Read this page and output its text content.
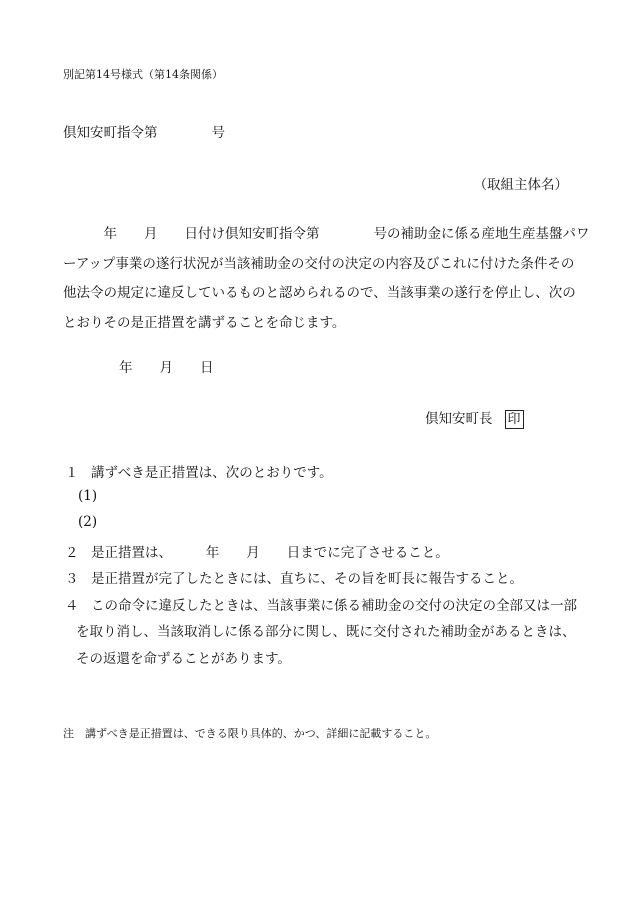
別記第14号様式（第14条関係）
倶知安町指令第　　　　号
（取組主体名）

　　　年　　月　　日付け倶知安町指令第　　　　号の補助金に係る産地生産基盤パワ

ーアップ事業の遂行状況が当該補助金の交付の決定の内容及びこれに付けた条件その

他法令の規定に違反しているものと認められるので、当該事業の遂行を停止し、次の

とおりその是正措置を講ずることを命じます。

年　　月　　日
倶知安町長 印
１ 講ずべき是正措置は、次のとおりです。
(1)
(2)
２ 是正措置は、　　　年　　月　　日までに完了させること。
３ 是正措置が完了したときには、直ちに、その旨を町長に報告すること。
４ この命令に違反したときは、当該事業に係る補助金の交付の決定の全部又は一部
を取り消し、当該取消しに係る部分に関し、既に交付された補助金があるときは、
その返還を命ずることがあります。
注　講ずべき是正措置は、できる限り具体的、かつ、詳細に記載すること。
